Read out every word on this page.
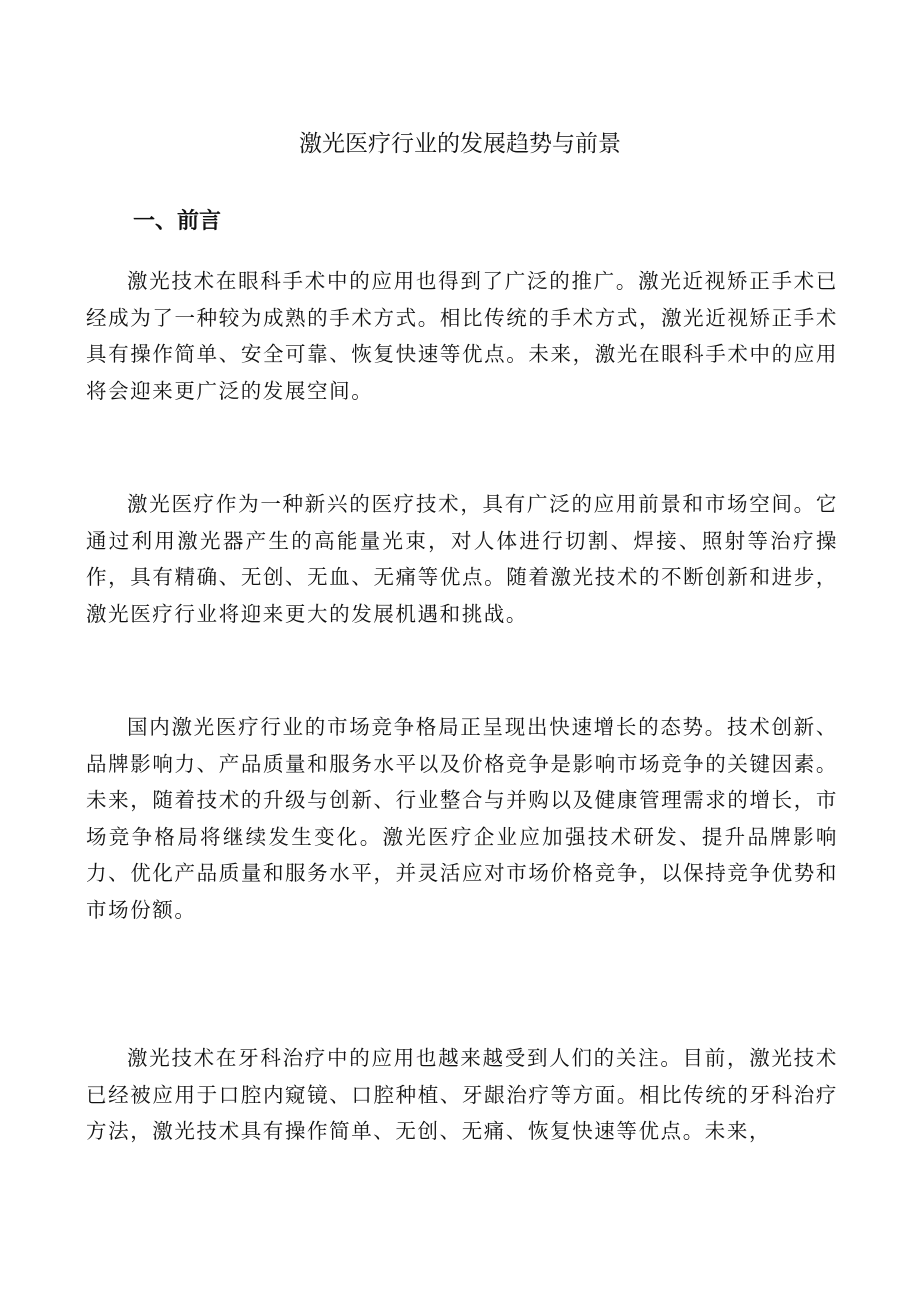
激光医疗行业的发展趋势与前景
一、前言

激光技术在眼科手术中的应用也得到了广泛的推广。激光近视矫正手术已经成为了一种较为成熟的手术方式。相比传统的手术方式，激光近视矫正手术具有操作简单、安全可靠、恢复快速等优点。未来，激光在眼科手术中的应用将会迎来更广泛的发展空间。

激光医疗作为一种新兴的医疗技术，具有广泛的应用前景和市场空间。它通过利用激光器产生的高能量光束，对人体进行切割、焊接、照射等治疗操作，具有精确、无创、无血、无痛等优点。随着激光技术的不断创新和进步，激光医疗行业将迎来更大的发展机遇和挑战。

国内激光医疗行业的市场竞争格局正呈现出快速增长的态势。技术创新、品牌影响力、产品质量和服务水平以及价格竞争是影响市场竞争的关键因素。未来，随着技术的升级与创新、行业整合与并购以及健康管理需求的增长，市场竞争格局将继续发生变化。激光医疗企业应加强技术研发、提升品牌影响力、优化产品质量和服务水平，并灵活应对市场价格竞争，以保持竞争优势和市场份额。

激光技术在牙科治疗中的应用也越来越受到人们的关注。目前，激光技术已经被应用于口腔内窥镜、口腔种植、牙龈治疗等方面。相比传统的牙科治疗方法，激光技术具有操作简单、无创、无痛、恢复快速等优点。未来，
